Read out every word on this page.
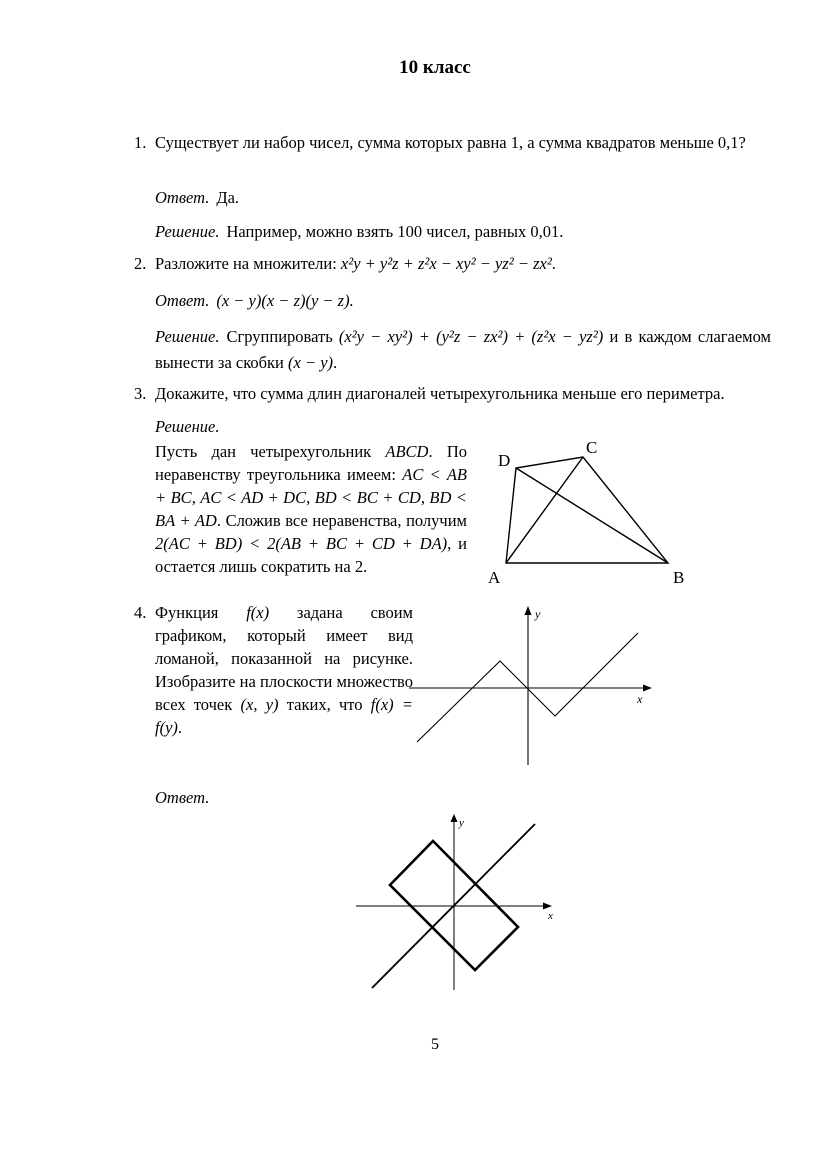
10 класс
1. Существует ли набор чисел, сумма которых равна 1, а сумма квадратов меньше 0,1?
Ответ. Да.
Решение. Например, можно взять 100 чисел, равных 0,01.
2. Разложите на множители: x²y + y²z + z²x − xy² − yz² − zx².
Ответ. (x − y)(x − z)(y − z).
Решение. Сгруппировать (x²y − xy²) + (y²z − zx²) + (z²x − yz²) и в каждом слагаемом вынести за скобки (x − y).
3. Докажите, что сумма длин диагоналей четырехугольника меньше его периметра.
Решение.
Пусть дан четырехугольник ABCD. По неравенству треугольника имеем: AC < AB + BC, AC < AD + DC, BD < BC + CD, BD < BA + AD. Сложив все неравенства, получим 2(AC + BD) < 2(AB + BC + CD + DA), и остается лишь сократить на 2.
A	B
C
D
4. Функция f(x) задана своим графиком, который имеет вид ломаной, показанной на рисунке. Изобразите на плоскости множество всех точек (x, y) таких, что f(x) = f(y).
y
x
Ответ.
y
x
5
